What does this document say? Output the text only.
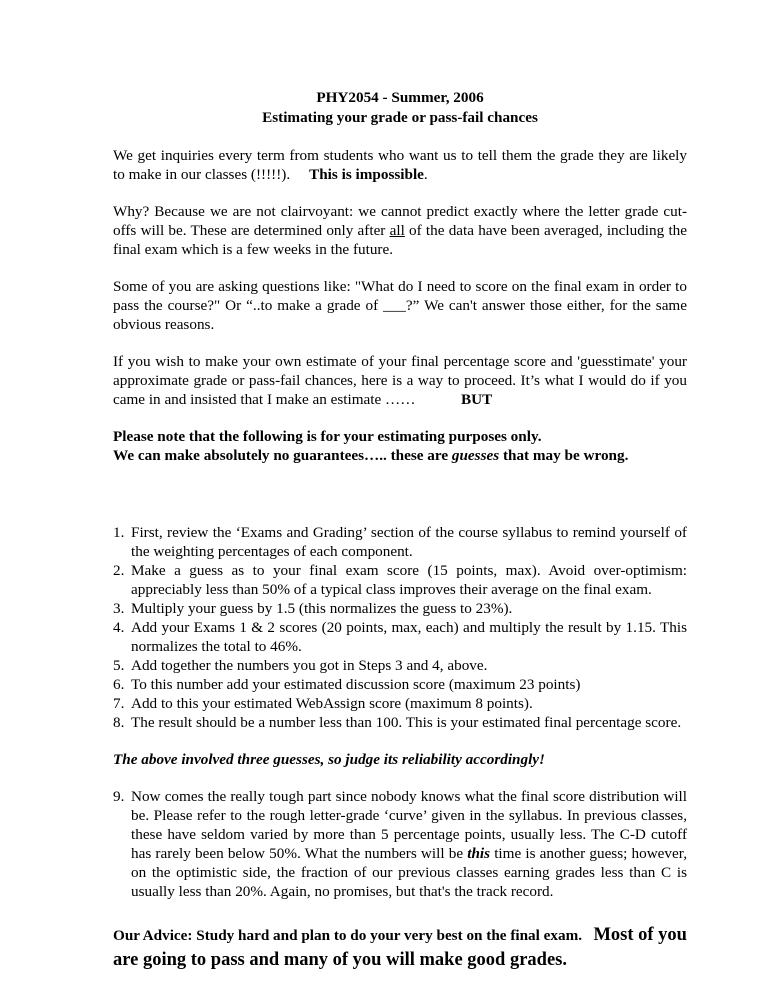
PHY2054 - Summer, 2006

Estimating your grade or pass-fail chances

We get inquiries every term from students who want us to tell them the grade they are likely to make in our classes (!!!!!). This is impossible.

Why? Because we are not clairvoyant: we cannot predict exactly where the letter grade cut-offs will be. These are determined only after all of the data have been averaged, including the final exam which is a few weeks in the future.

Some of you are asking questions like: "What do I need to score on the final exam in order to pass the course?" Or “..to make a grade of ___?” We can't answer those either, for the same obvious reasons.

If you wish to make your own estimate of your final percentage score and 'guesstimate' your approximate grade or pass-fail chances, here is a way to proceed. It’s what I would do if you came in and insisted that I make an estimate ……	BUT

Please note that the following is for your estimating purposes only.

We can make absolutely no guarantees….. these are guesses that may be wrong.

1. First, review the ‘Exams and Grading’ section of the course syllabus to remind yourself of the weighting percentages of each component.
2. Make a guess as to your final exam score (15 points, max). Avoid over-optimism: appreciably less than 50% of a typical class improves their average on the final exam.
3. Multiply your guess by 1.5 (this normalizes the guess to 23%).
4. Add your Exams 1 & 2 scores (20 points, max, each) and multiply the result by 1.15. This normalizes the total to 46%.
5. Add together the numbers you got in Steps 3 and 4, above.
6. To this number add your estimated discussion score (maximum 23 points)
7. Add to this your estimated WebAssign score (maximum 8 points).
8. The result should be a number less than 100. This is your estimated final percentage score.

The above involved three guesses, so judge its reliability accordingly!

9. Now comes the really tough part since nobody knows what the final score distribution will be. Please refer to the rough letter-grade ‘curve’ given in the syllabus. In previous classes, these have seldom varied by more than 5 percentage points, usually less. The C-D cutoff has rarely been below 50%. What the numbers will be this time is another guess; however, on the optimistic side, the fraction of our previous classes earning grades less than C is usually less than 20%. Again, no promises, but that's the track record.

Our Advice: Study hard and plan to do your very best on the final exam. Most of you are going to pass and many of you will make good grades.
